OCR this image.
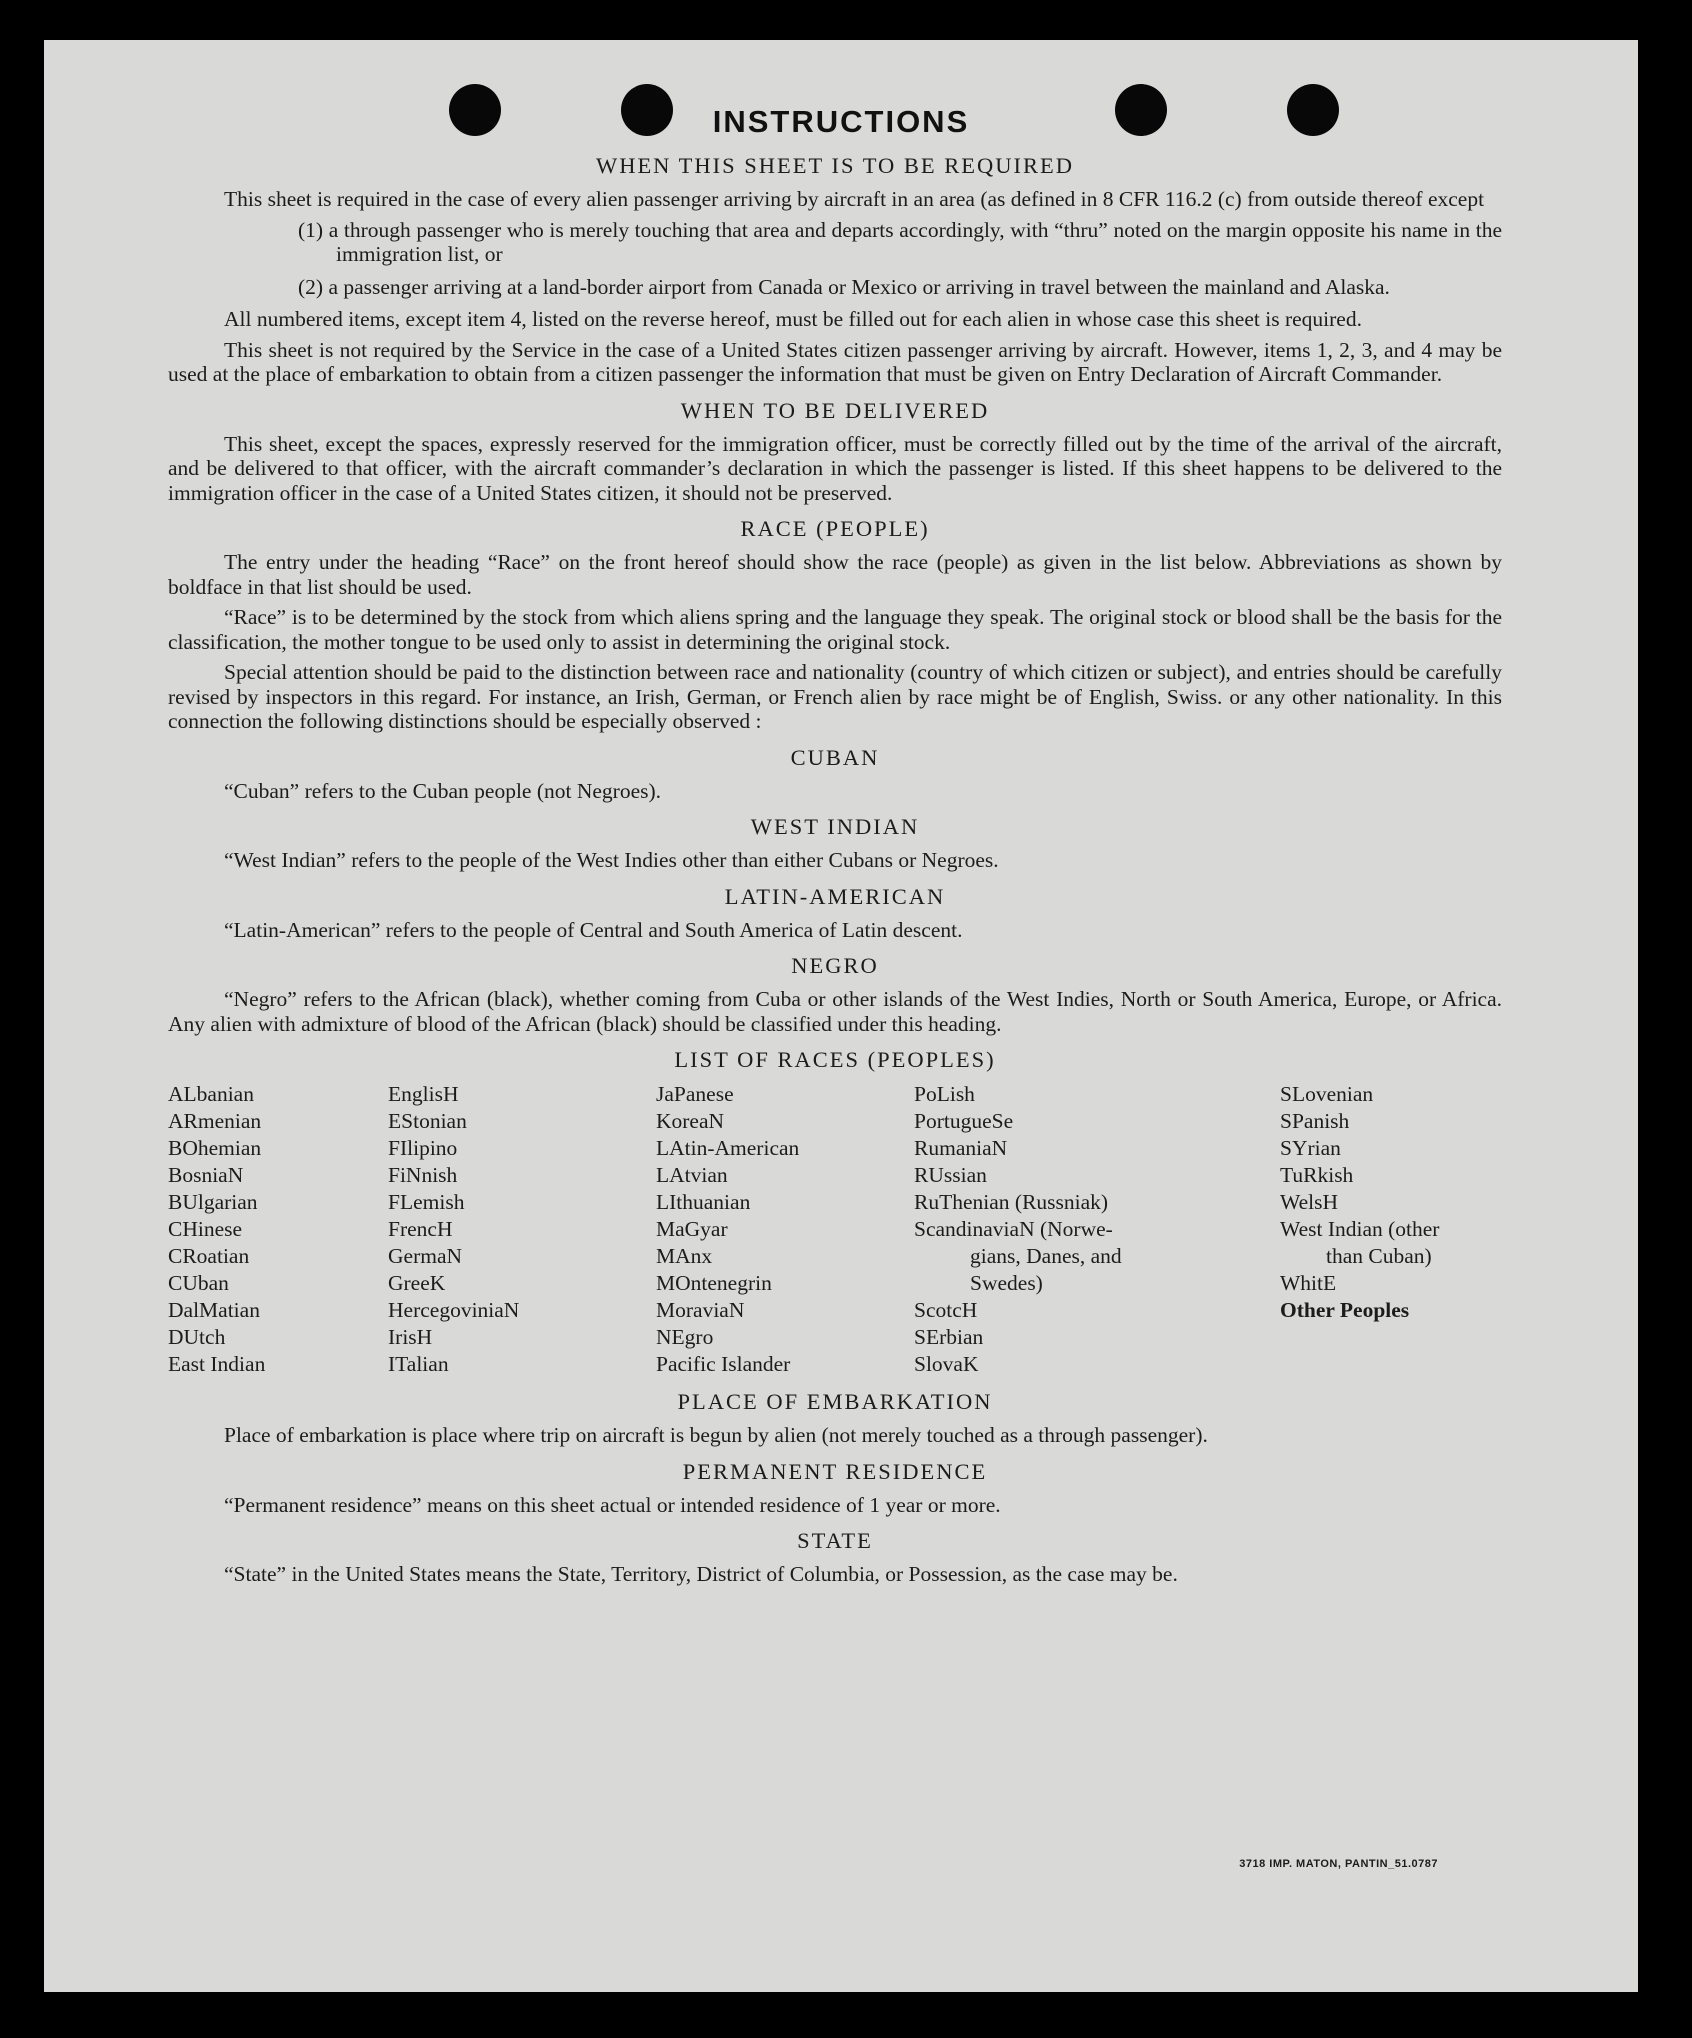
INSTRUCTIONS
WHEN THIS SHEET IS TO BE REQUIRED

This sheet is required in the case of every alien passenger arriving by aircraft in an area (as defined in 8 CFR 116.2 (c) from outside thereof except

(1) a through passenger who is merely touching that area and departs accordingly, with “thru” noted on the margin opposite his name in the immigration list, or
(2) a passenger arriving at a land-border airport from Canada or Mexico or arriving in travel between the mainland and Alaska.

All numbered items, except item 4, listed on the reverse hereof, must be filled out for each alien in whose case this sheet is required.

This sheet is not required by the Service in the case of a United States citizen passenger arriving by aircraft. However, items 1, 2, 3, and 4 may be used at the place of embarkation to obtain from a citizen passenger the information that must be given on Entry Declaration of Aircraft Commander.

WHEN TO BE DELIVERED

This sheet, except the spaces, expressly reserved for the immigration officer, must be correctly filled out by the time of the arrival of the aircraft, and be delivered to that officer, with the aircraft commander’s declaration in which the passenger is listed. If this sheet happens to be delivered to the immigration officer in the case of a United States citizen, it should not be preserved.

RACE (PEOPLE)

The entry under the heading “Race” on the front hereof should show the race (people) as given in the list below. Abbreviations as shown by boldface in that list should be used.

“Race” is to be determined by the stock from which aliens spring and the language they speak. The original stock or blood shall be the basis for the classification, the mother tongue to be used only to assist in determining the original stock.

Special attention should be paid to the distinction between race and nationality (country of which citizen or subject), and entries should be carefully revised by inspectors in this regard. For instance, an Irish, German, or French alien by race might be of English, Swiss. or any other nationality. In this connection the following distinctions should be especially observed :

CUBAN

“Cuban” refers to the Cuban people (not Negroes).

WEST INDIAN

“West Indian” refers to the people of the West Indies other than either Cubans or Negroes.

LATIN-AMERICAN

“Latin-American” refers to the people of Central and South America of Latin descent.

NEGRO

“Negro” refers to the African (black), whether coming from Cuba or other islands of the West Indies, North or South America, Europe, or Africa. Any alien with admixture of blood of the African (black) should be classified under this heading.

LIST OF RACES (PEOPLES)
ALbanian
ARmenian
BOhemian
BosniaN
BUlgarian
CHinese
CRoatian
CUban
DalMatian
DUtch
East Indian
EnglisH
EStonian
FIlipino
FiNnish
FLemish
FrencH
GermaN
GreeK
HercegoviniaN
IrisH
ITalian
JaPanese
KoreaN
LAtin-American
LAtvian
LIthuanian
MaGyar
MAnx
MOntenegrin
MoraviaN
NEgro
Pacific Islander
PoLish
PortugueSe
RumaniaN
RUssian
RuThenian (Russniak)
ScandinaviaN (Norwe-
gians, Danes, and
Swedes)
ScotcH
SErbian
SlovaK
SLovenian
SPanish
SYrian
TuRkish
WelsH
West Indian (other
than Cuban)
WhitE
Other Peoples
PLACE OF EMBARKATION

Place of embarkation is place where trip on aircraft is begun by alien (not merely touched as a through passenger).

PERMANENT RESIDENCE

“Permanent residence” means on this sheet actual or intended residence of 1 year or more.

STATE

“State” in the United States means the State, Territory, District of Columbia, or Possession, as the case may be.

3718 IMP. MATON, PANTIN_51.0787
